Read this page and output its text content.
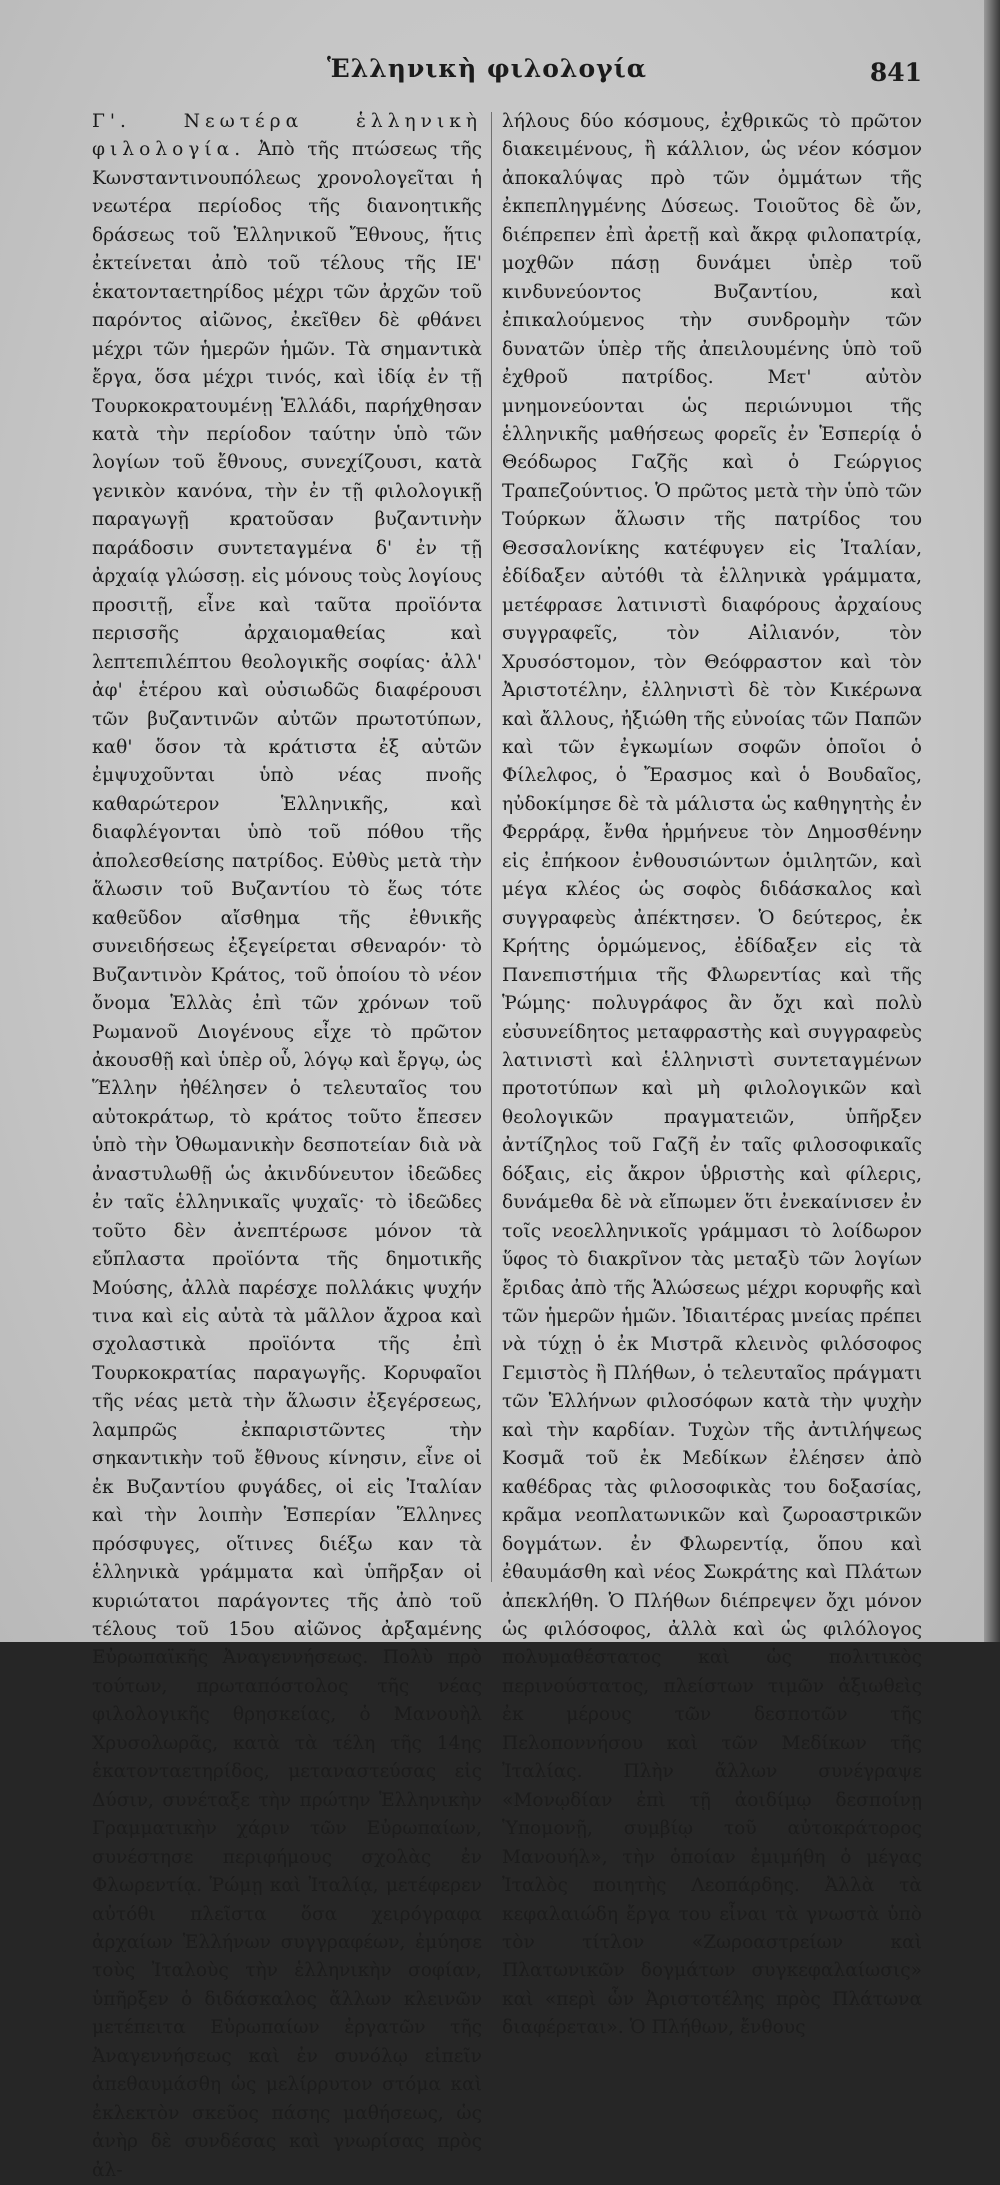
Ἑλληνικὴ φιλολογία	841
Γ'. Νεωτέρα ἑλληνικὴ φιλολογία. Ἀπὸ τῆς πτώσεως τῆς Κωνσταντινουπόλεως χρονολογεῖται ἡ νεωτέρα περίοδος τῆς διανοητικῆς δράσεως τοῦ Ἑλληνικοῦ Ἔθνους, ἥτις ἐκτείνεται ἀπὸ τοῦ τέλους τῆς ΙΕ' ἑκατονταετηρίδος μέχρι τῶν ἀρχῶν τοῦ παρόντος αἰῶνος, ἐκεῖθεν δὲ φθάνει μέχρι τῶν ἡμερῶν ἡμῶν. Τὰ σημαντικὰ ἔργα, ὅσα μέχρι τινός, καὶ ἰδίᾳ ἐν τῇ Τουρκοκρατουμένῃ Ἑλλάδι, παρήχθησαν κατὰ τὴν περίοδον ταύτην ὑπὸ τῶν λογίων τοῦ ἔθνους, συνεχίζουσι, κατὰ γενικὸν κανόνα, τὴν ἐν τῇ φιλολογικῇ παραγωγῇ κρατοῦσαν βυζαντινὴν παράδοσιν συντεταγμένα δ' ἐν τῇ ἀρχαίᾳ γλώσσῃ. εἰς μόνους τοὺς λογίους προσιτῇ, εἶνε καὶ ταῦτα προϊόντα περισσῆς ἀρχαιομαθείας καὶ λεπτεπιλέπτου θεολογικῆς σοφίας· ἀλλ' ἀφ' ἑτέρου καὶ οὐσιωδῶς διαφέρουσι τῶν βυζαντινῶν αὐτῶν πρωτοτύπων, καθ' ὅσον τὰ κράτιστα ἐξ αὐτῶν ἐμψυχοῦνται ὑπὸ νέας πνοῆς καθαρώτερον Ἑλληνικῆς, καὶ διαφλέγονται ὑπὸ τοῦ πόθου τῆς ἀπολεσθείσης πατρίδος. Εὐθὺς μετὰ τὴν ἅλωσιν τοῦ Βυζαντίου τὸ ἕως τότε καθεῦδον αἴσθημα τῆς ἐθνικῆς συνειδήσεως ἐξεγείρεται σθεναρόν· τὸ Βυζαντινὸν Κράτος, τοῦ ὁποίου τὸ νέον ὄνομα Ἑλλὰς ἐπὶ τῶν χρόνων τοῦ Ρωμανοῦ Διογένους εἶχε τὸ πρῶτον ἀκουσθῇ καὶ ὑπὲρ οὗ, λόγῳ καὶ ἔργῳ, ὡς Ἕλλην ἠθέλησεν ὁ τελευταῖος του αὐτοκράτωρ, τὸ κράτος τοῦτο ἔπεσεν ὑπὸ τὴν Ὀθωμανικὴν δεσποτείαν διὰ νὰ ἀναστυλωθῇ ὡς ἀκινδύνευτον ἰδεῶδες ἐν ταῖς ἑλληνικαῖς ψυχαῖς· τὸ ἰδεῶδες τοῦτο δὲν ἀνεπτέρωσε μόνον τὰ εὔπλαστα προϊόντα τῆς δημοτικῆς Μούσης, ἀλλὰ παρέσχε πολλάκις ψυχήν τινα καὶ εἰς αὐτὰ τὰ μᾶλλον ἄχροα καὶ σχολαστικὰ προϊόντα τῆς ἐπὶ Τουρκοκρατίας παραγωγῆς. Κορυφαῖοι τῆς νέας μετὰ τὴν ἅλωσιν ἐξεγέρσεως, λαμπρῶς ἐκπαριστῶντες τὴν σηκαντικὴν τοῦ ἔθνους κίνησιν, εἶνε οἱ ἐκ Βυζαντίου φυγάδες, οἱ εἰς Ἰταλίαν καὶ τὴν λοιπὴν Ἑσπερίαν Ἕλληνες πρόσφυγες, οἵτινες διέξω καν τὰ ἑλληνικὰ γράμματα καὶ ὑπῆρξαν οἱ κυριώτατοι παράγοντες τῆς ἀπὸ τοῦ τέλους τοῦ 15ου αἰῶνος ἀρξαμένης Εὐρωπαϊκῆς Ἀναγεννήσεως. Πολὺ πρὸ τούτων, πρωταπόστολος τῆς νέας φιλολογικῆς θρησκείας, ὁ Μανουὴλ Χρυσολωρᾶς, κατὰ τὰ τέλη τῆς 14ης ἑκατονταετηρίδος, μεταναστεύσας εἰς Δύσιν, συνέταξε τὴν πρώτην Ἑλληνικὴν Γραμματικὴν χάριν τῶν Εὐρωπαίων, συνέστησε περιφήμους σχολὰς ἐν Φλωρεντίᾳ. Ῥώμῃ καὶ Ἰταλίᾳ, μετέφερεν αὐτόθι πλεῖστα ὅσα χειρόγραφα ἀρχαίων Ἑλλήνων συγγραφέων, ἐμύησε τοὺς Ἰταλοὺς τὴν ἑλληνικὴν σοφίαν, ὑπῆρξεν ὁ διδάσκαλος ἄλλων κλεινῶν μετέπειτα Εὐρωπαίων ἐργατῶν τῆς Ἀναγεννήσεως καὶ ἐν συνόλῳ εἰπεῖν ἀπεθαυμάσθη ὡς μελίρρυτον στόμα καὶ ἐκλεκτὸν σκεῦος πάσης μαθήσεως, ὡς ἀνὴρ δὲ συνδέσας καὶ γνωρίσας πρὸς ἀλ-
λήλους δύο κόσμους, ἐχθρικῶς τὸ πρῶτον διακειμένους, ἢ κάλλιον, ὡς νέον κόσμον ἀποκαλύψας πρὸ τῶν ὀμμάτων τῆς ἐκπεπληγμένης Δύσεως. Τοιοῦτος δὲ ὤν, διέπρεπεν ἐπὶ ἀρετῇ καὶ ἄκρᾳ φιλοπατρίᾳ, μοχθῶν πάσῃ δυνάμει ὑπὲρ τοῦ κινδυνεύοντος Βυζαντίου, καὶ ἐπικαλούμενος τὴν συνδρομὴν τῶν δυνατῶν ὑπὲρ τῆς ἀπειλουμένης ὑπὸ τοῦ ἐχθροῦ πατρίδος. Μετ' αὐτὸν μνημονεύονται ὡς περιώνυμοι τῆς ἑλληνικῆς μαθήσεως φορεῖς ἐν Ἑσπερίᾳ ὁ Θεόδωρος Γαζῆς καὶ ὁ Γεώργιος Τραπεζούντιος. Ὁ πρῶτος μετὰ τὴν ὑπὸ τῶν Τούρκων ἅλωσιν τῆς πατρίδος του Θεσσαλονίκης κατέφυγεν εἰς Ἰταλίαν, ἐδίδαξεν αὐτόθι τὰ ἑλληνικὰ γράμματα, μετέφρασε λατινιστὶ διαφόρους ἀρχαίους συγγραφεῖς, τὸν Αἰλιανόν, τὸν Χρυσόστομον, τὸν Θεόφραστον καὶ τὸν Ἀριστοτέλην, ἐλληνιστὶ δὲ τὸν Κικέρωνα καὶ ἄλλους, ἠξιώθη τῆς εὐνοίας τῶν Παπῶν καὶ τῶν ἐγκωμίων σοφῶν ὁποῖοι ὁ Φίλελφος, ὁ Ἔρασμος καὶ ὁ Βουδαῖος, ηὐδοκίμησε δὲ τὰ μάλιστα ὡς καθηγητὴς ἐν Φερράρᾳ, ἔνθα ἡρμήνευε τὸν Δημοσθένην εἰς ἐπήκοον ἐνθουσιώντων ὁμιλητῶν, καὶ μέγα κλέος ὡς σοφὸς διδάσκαλος καὶ συγγραφεὺς ἀπέκτησεν. Ὁ δεύτερος, ἐκ Κρήτης ὁρμώμενος, ἐδίδαξεν εἰς τὰ Πανεπιστήμια τῆς Φλωρεντίας καὶ τῆς Ῥώμης· πολυγράφος ἂν ὄχι καὶ πολὺ εὐσυνείδητος μεταφραστὴς καὶ συγγραφεὺς λατινιστὶ καὶ ἑλληνιστὶ συντεταγμένων προτοτύπων καὶ μὴ φιλολογικῶν καὶ θεολογικῶν πραγματειῶν, ὑπῆρξεν ἀντίζηλος τοῦ Γαζῆ ἐν ταῖς φιλοσοφικαῖς δόξαις, εἰς ἄκρον ὑβριστὴς καὶ φίλερις, δυνάμεθα δὲ νὰ εἴπωμεν ὅτι ἐνεκαίνισεν ἐν τοῖς νεοελληνικοῖς γράμμασι τὸ λοίδωρον ὕφος τὸ διακρῖνον τὰς μεταξὺ τῶν λογίων ἔριδας ἀπὸ τῆς Ἁλώσεως μέχρι κορυφῆς καὶ τῶν ἡμερῶν ἡμῶν. Ἰδιαιτέρας μνείας πρέπει νὰ τύχῃ ὁ ἐκ Μιστρᾶ κλεινὸς φιλόσοφος Γεμιστὸς ἢ Πλήθων, ὁ τελευταῖος πράγματι τῶν Ἑλλήνων φιλοσόφων κατὰ τὴν ψυχὴν καὶ τὴν καρδίαν. Τυχὼν τῆς ἀντιλήψεως Κοσμᾶ τοῦ ἐκ Μεδίκων ἐλέησεν ἀπὸ καθέδρας τὰς φιλοσοφικὰς του δοξασίας, κρᾶμα νεοπλατωνικῶν καὶ ζωροαστρικῶν δογμάτων. ἐν Φλωρεντίᾳ, ὅπου καὶ ἐθαυμάσθη καὶ νέος Σωκράτης καὶ Πλάτων ἀπεκλήθη. Ὁ Πλήθων διέπρεψεν ὄχι μόνον ὡς φιλόσοφος, ἀλλὰ καὶ ὡς φιλόλογος πολυμαθέστατος καὶ ὡς πολιτικὸς περινούστατος, πλείστων τιμῶν ἀξιωθεὶς ἐκ μέρους τῶν δεσποτῶν τῆς Πελοποννήσου καὶ τῶν Μεδίκων τῆς Ἰταλίας. Πλὴν ἄλλων συνέγραψε «Μονῳδίαν ἐπὶ τῇ ἀοιδίμῳ δεσποίνῃ Ὑπομονῇ, συμβίῳ τοῦ αὐτοκράτορος Μανουήλ», τὴν ὁποίαν ἐμιμήθη ὁ μέγας Ἰταλὸς ποιητὴς Λεοπάρδης. Ἀλλὰ τὰ κεφαλαιώδη ἔργα του εἶναι τὰ γνωστὰ ὑπὸ τὸν τίτλον «Ζωροαστρείων καὶ Πλατωνικῶν δογμάτων συγκεφαλαίωσις» καὶ «περὶ ὧν Ἀριστοτέλης πρὸς Πλάτωνα διαφέρεται». Ὁ Πλήθων, ἔνθους
